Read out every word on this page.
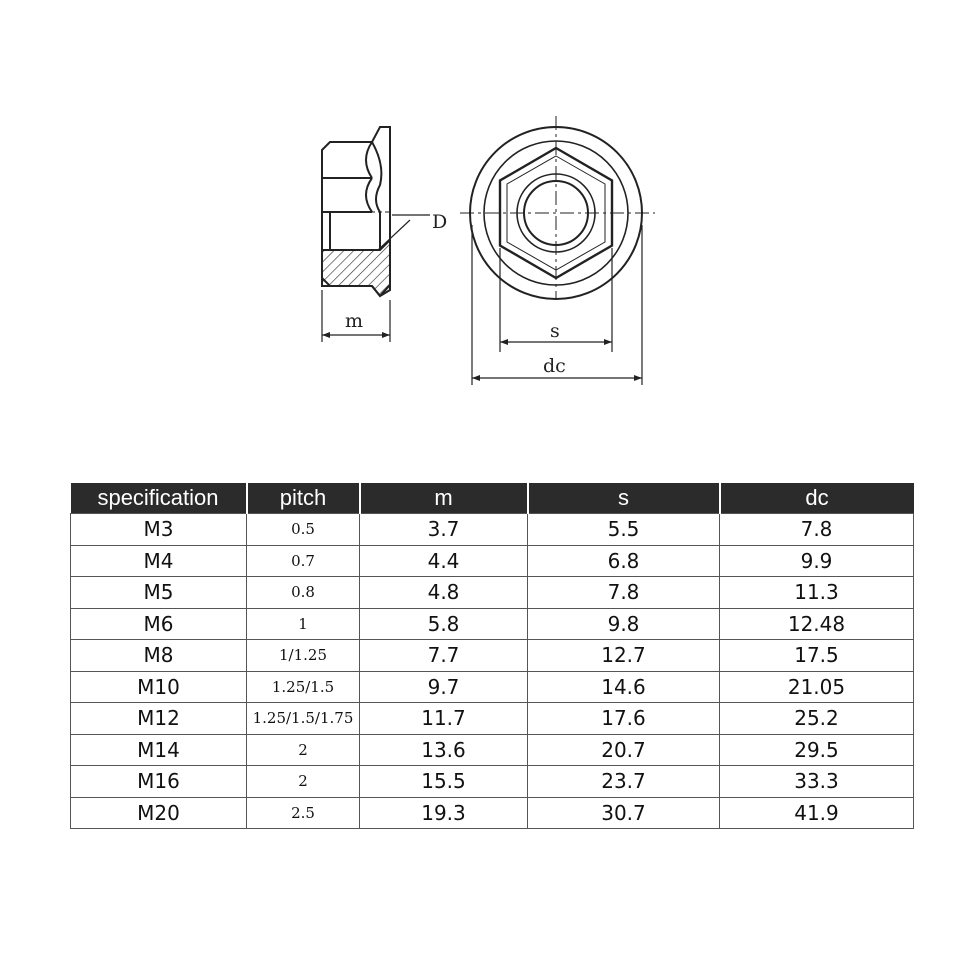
D
m	s
dc
specification	pitch	m	s	dc
M3	0.5	3.7	5.5	7.8
M4	0.7	4.4	6.8	9.9
M5	0.8	4.8	7.8	11.3
M6	1	5.8	9.8	12.48
M8	1/1.25	7.7	12.7	17.5
M10	1.25/1.5	9.7	14.6	21.05
M12	1.25/1.5/1.75	11.7	17.6	25.2
M14	2	13.6	20.7	29.5
M16	2	15.5	23.7	33.3
M20	2.5	19.3	30.7	41.9
